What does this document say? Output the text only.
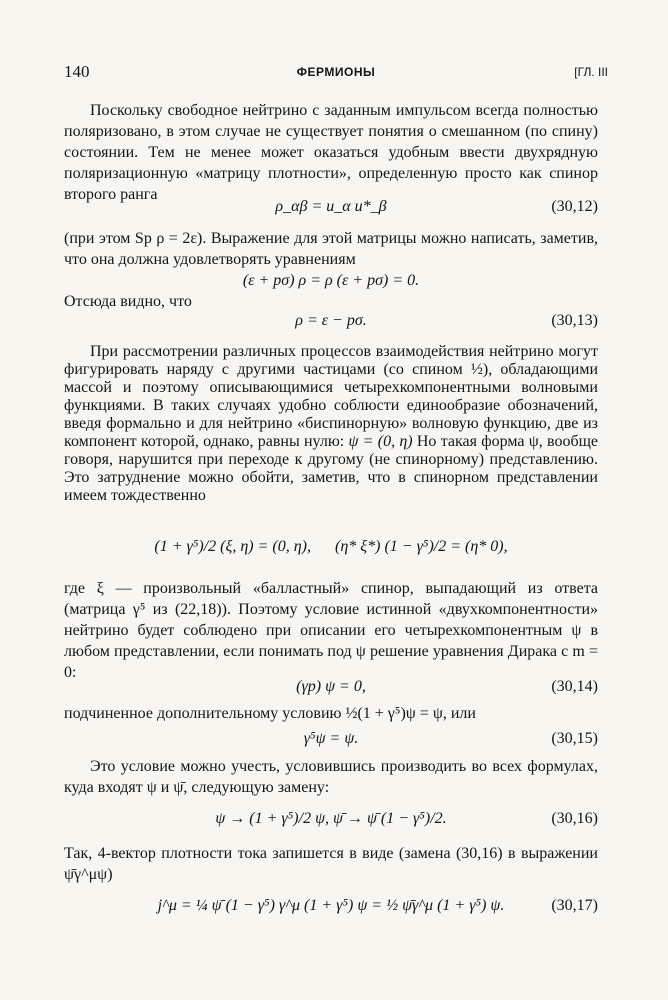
140	ФЕРМИОНЫ	[ГЛ. III

Поскольку свободное нейтрино с заданным импульсом всегда полностью поляризовано, в этом случае не существует понятия о смешанном (по спину) состоянии. Тем не менее может оказаться удобным ввести двухрядную поляризационную «матрицу плотности», определенную просто как спинор второго ранга

ρ_αβ = u_α u*_β	(30,12)

(при этом Sp ρ = 2ε). Выражение для этой матрицы можно написать, заметив, что она должна удовлетворять уравнениям

(ε + pσ) ρ = ρ (ε + pσ) = 0.

Отсюда видно, что

ρ = ε − pσ.	(30,13)
При рассмотрении различных процессов взаимодействия нейтрино могут фигурировать наряду с другими частицами (со спином ½), обладающими массой и поэтому описывающимися четырехкомпонентными волновыми функциями. В таких случаях удобно соблюсти единообразие обозначений, введя формально и для нейтрино «биспинорную» волновую функцию, две из компонент которой, однако, равны нулю: ψ = (0, η) Но такая форма ψ, вообще говоря, нарушится при переходе к другому (не спинорному) представлению. Это затруднение можно обойти, заметив, что в спинорном представлении имеем тождественно
(1 + γ⁵)/2 (ξ, η) = (0, η), (η* ξ*) (1 − γ⁵)/2 = (η* 0),

где ξ — произвольный «балластный» спинор, выпадающий из ответа (матрица γ⁵ из (22,18)). Поэтому условие истинной «двухкомпонентности» нейтрино будет соблюдено при описании его четырехкомпонентным ψ в любом представлении, если понимать под ψ решение уравнения Дирака с m = 0:

(γp) ψ = 0,	(30,14)

подчиненное дополнительному условию ½(1 + γ⁵)ψ = ψ, или

γ⁵ψ = ψ.	(30,15)

Это условие можно учесть, условившись производить во всех формулах, куда входят ψ и ψ̄, следующую замену:

ψ → (1 + γ⁵)/2 ψ, ψ̄ → ψ̄ (1 − γ⁵)/2.	(30,16)

Так, 4-вектор плотности тока запишется в виде (замена (30,16) в выражении ψ̄γ^μψ)

j^μ = ¼ ψ̄ (1 − γ⁵) γ^μ (1 + γ⁵) ψ = ½ ψ̄γ^μ (1 + γ⁵) ψ.	(30,17)
